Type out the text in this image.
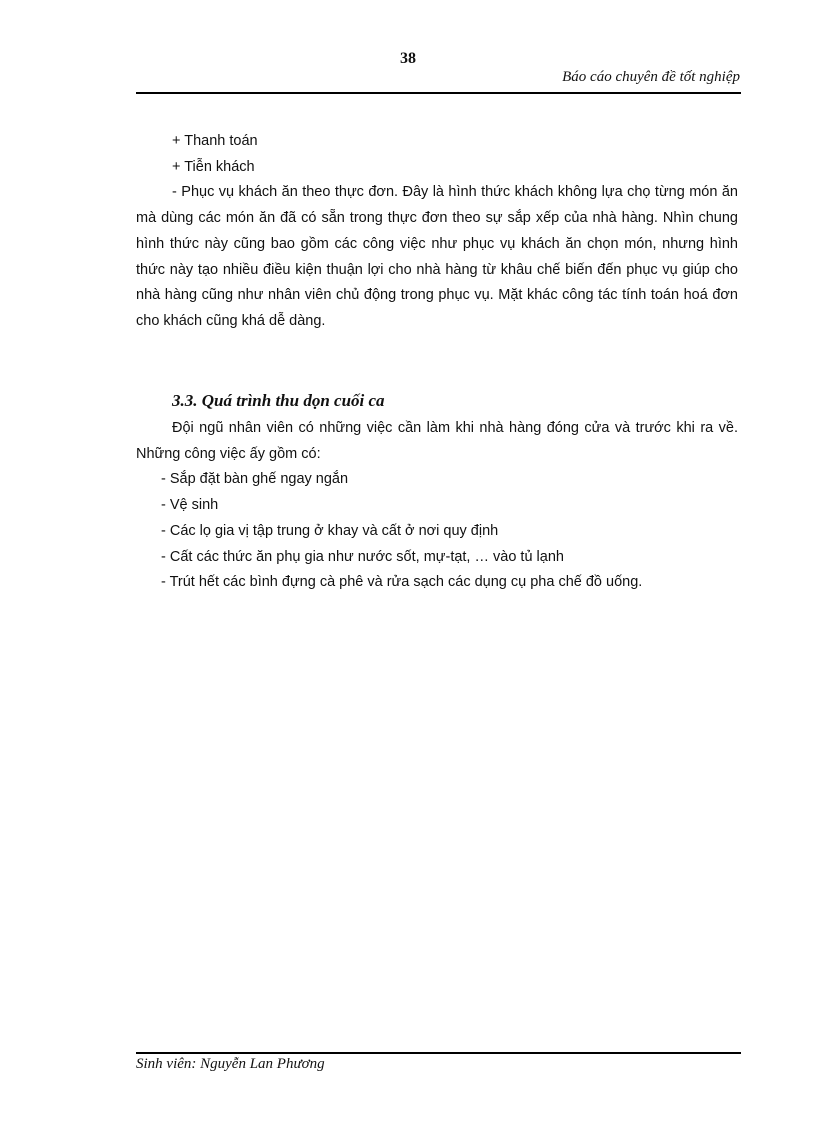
38
Báo cáo chuyên đề tốt nghiệp

+ Thanh toán

+ Tiễn khách

- Phục vụ khách ăn theo thực đơn. Đây là hình thức khách không lựa chọ từng món ăn mà dùng các món ăn đã có sẵn trong thực đơn theo sự sắp xếp của nhà hàng. Nhìn chung hình thức này cũng bao gồm các công việc như phục vụ khách ăn chọn món, nhưng hình thức này tạo nhiều điều kiện thuận lợi cho nhà hàng từ khâu chế biến đến phục vụ giúp cho nhà hàng cũng như nhân viên chủ động trong phục vụ. Mặt khác công tác tính toán hoá đơn cho khách cũng khá dễ dàng.

3.3. Quá trình thu dọn cuối ca

Đội ngũ nhân viên có những việc cần làm khi nhà hàng đóng cửa và trước khi ra về. Những công việc ấy gồm có:

- Sắp đặt bàn ghế ngay ngắn

- Vệ sinh

- Các lọ gia vị tập trung ở khay và cất ở nơi quy định

- Cất các thức ăn phụ gia như nước sốt, mự-tạt, … vào tủ lạnh

- Trút hết các bình đựng cà phê và rửa sạch các dụng cụ pha chế đồ uống.

Sinh viên: Nguyễn Lan Phương
